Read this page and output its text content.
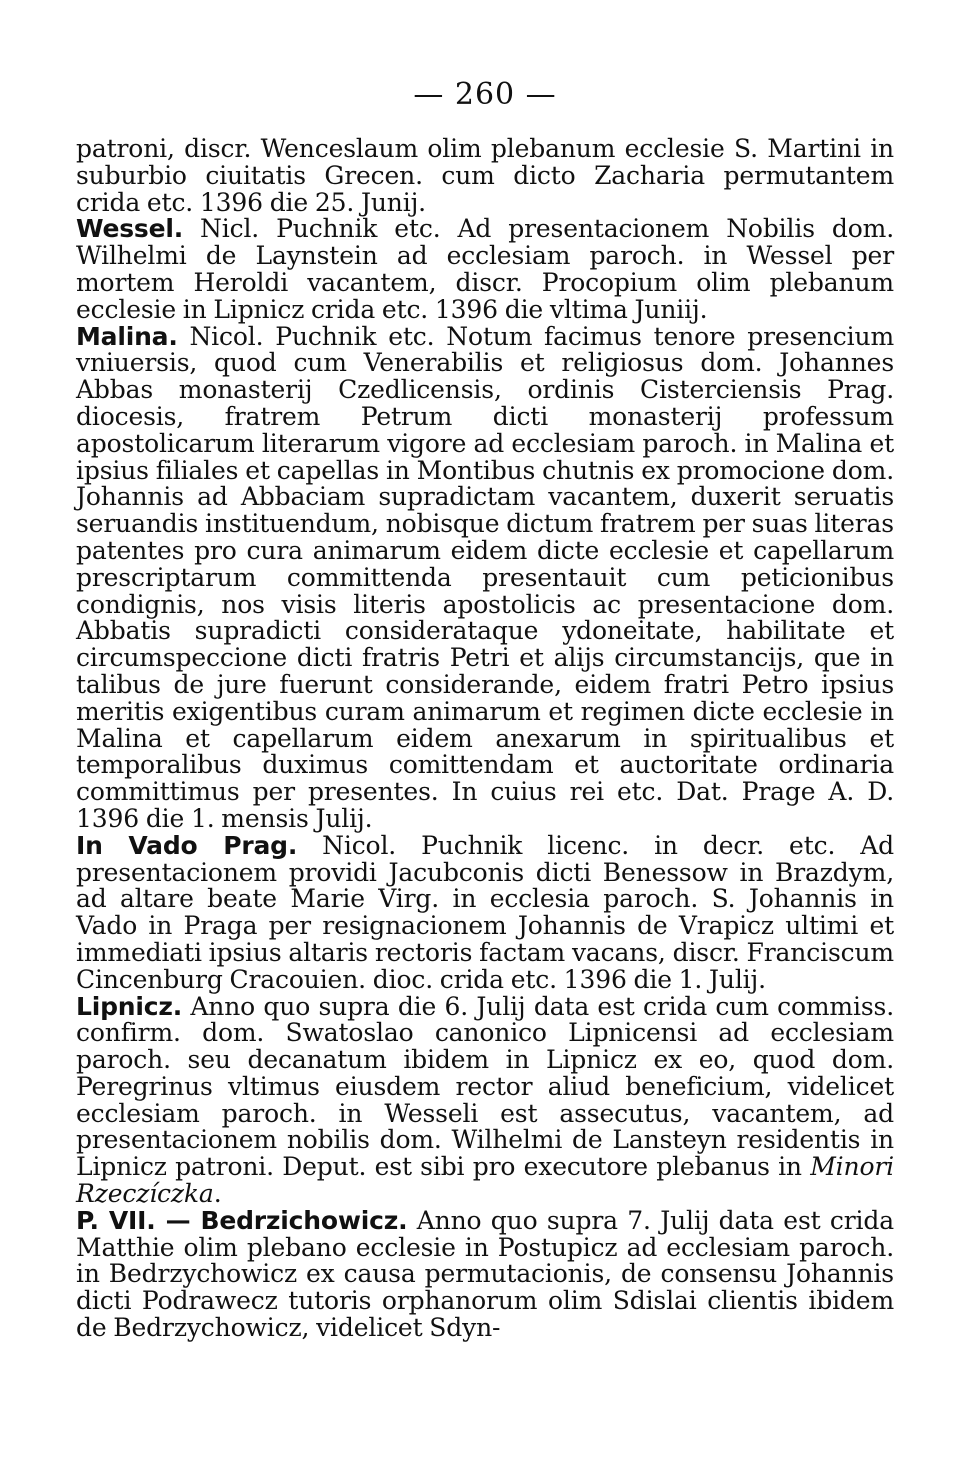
— 260 —
patroni, discr. Wenceslaum olim plebanum ecclesie S. Martini in suburbio ciuitatis Grecen. cum dicto Zacharia permutantem crida etc. 1396 die 25. Junij.
Wessel. Nicl. Puchnik etc. Ad presentacionem Nobilis dom. Wilhelmi de Laynstein ad ecclesiam paroch. in Wessel per mortem Heroldi vacantem, discr. Procopium olim plebanum ecclesie in Lipnicz crida etc. 1396 die vltima Juniij.
Malina. Nicol. Puchnik etc. Notum facimus tenore presencium vniuersis, quod cum Venerabilis et religiosus dom. Johannes Abbas monasterij Czedlicensis, ordinis Cisterciensis Prag. diocesis, fratrem Petrum dicti monasterij professum apostolicarum literarum vigore ad ecclesiam paroch. in Malina et ipsius filiales et capellas in Montibus chutnis ex promocione dom. Johannis ad Abbaciam supradictam vacantem, duxerit seruatis seruandis instituendum, nobisque dictum fratrem per suas literas patentes pro cura animarum eidem dicte ecclesie et capellarum prescriptarum committenda presentauit cum peticionibus condignis, nos visis literis apostolicis ac presentacione dom. Abbatis supradicti considerataque ydoneitate, habilitate et circumspeccione dicti fratris Petri et alijs circumstancijs, que in talibus de jure fuerunt considerande, eidem fratri Petro ipsius meritis exigentibus curam animarum et regimen dicte ecclesie in Malina et capellarum eidem anexarum in spiritualibus et temporalibus duximus comittendam et auctoritate ordinaria committimus per presentes. In cuius rei etc. Dat. Prage A. D. 1396 die 1. mensis Julij.
In Vado Prag. Nicol. Puchnik licenc. in decr. etc. Ad presentacionem providi Jacubconis dicti Benessow in Brazdym, ad altare beate Marie Virg. in ecclesia paroch. S. Johannis in Vado in Praga per resignacionem Johannis de Vrapicz ultimi et immediati ipsius altaris rectoris factam vacans, discr. Franciscum Cincenburg Cracouien. dioc. crida etc. 1396 die 1. Julij.
Lipnicz. Anno quo supra die 6. Julij data est crida cum commiss. confirm. dom. Swatoslao canonico Lipnicensi ad ecclesiam paroch. seu decanatum ibidem in Lipnicz ex eo, quod dom. Peregrinus vltimus eiusdem rector aliud beneficium, videlicet ecclesiam paroch. in Wesseli est assecutus, vacantem, ad presentacionem nobilis dom. Wilhelmi de Lansteyn residentis in Lipnicz patroni. Deput. est sibi pro executore plebanus in Minori Rzeczíczka.
P. VII. — Bedrzichowicz. Anno quo supra 7. Julij data est crida Matthie olim plebano ecclesie in Postupicz ad ecclesiam paroch. in Bedrzychowicz ex causa permutacionis, de consensu Johannis dicti Podrawecz tutoris orphanorum olim Sdislai clientis ibidem de Bedrzychowicz, videlicet Sdyn-
